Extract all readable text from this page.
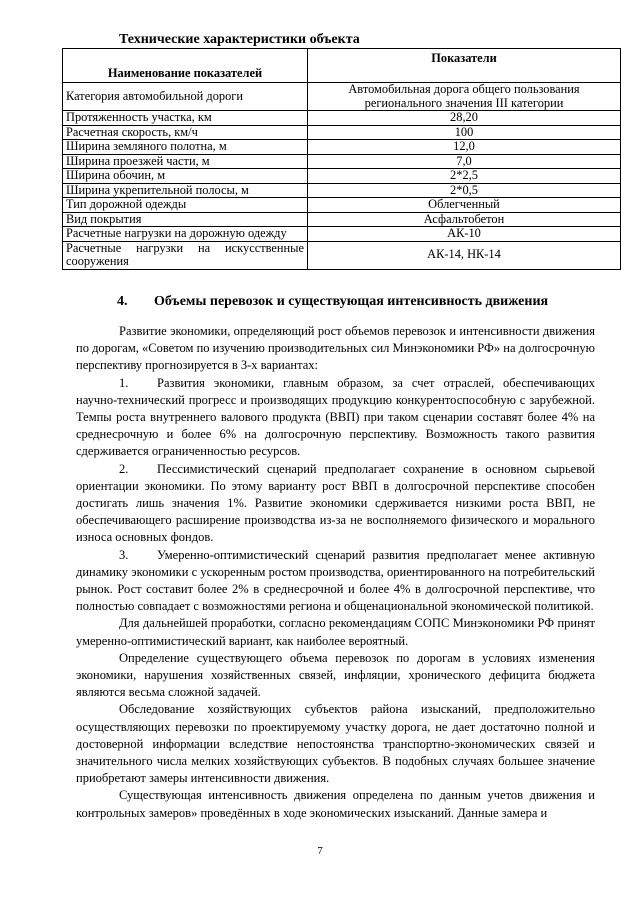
Технические характеристики объекта
Наименование показателей	Показатели
Категория автомобильной дороги	Автомобильная дорога общего пользования регионального значения III категории
Протяженность участка, км	28,20
Расчетная скорость, км/ч	100
Ширина земляного полотна, м	12,0
Ширина проезжей части, м	7,0
Ширина обочин, м	2*2,5
Ширина укрепительной полосы, м	2*0,5
Тип дорожной одежды	Облегченный
Вид покрытия	Асфальтобетон
Расчетные нагрузки на дорожную одежду	АК-10
Расчетные нагрузки на искусственные сооружения	АК-14, НК-14
4. Объемы перевозок и существующая интенсивность движения

Развитие экономики, определяющий рост объемов перевозок и интенсивности движения по дорогам, «Советом по изучению производительных сил Минэкономики РФ» на долгосрочную перспективу прогнозируется в 3-х вариантах:

1. Развития экономики, главным образом, за счет отраслей, обеспечивающих научно-технический прогресс и производящих продукцию конкурентоспособную с зарубежной. Темпы роста внутреннего валового продукта (ВВП) при таком сценарии составят более 4% на среднесрочную и более 6% на долгосрочную перспективу. Возможность такого развития сдерживается ограниченностью ресурсов.

2. Пессимистический сценарий предполагает сохранение в основном сырьевой ориентации экономики. По этому варианту рост ВВП в долгосрочной перспективе способен достигать лишь значения 1%. Развитие экономики сдерживается низкими роста ВВП, не обеспечивающего расширение производства из-за не восполняемого физического и морального износа основных фондов.

3. Умеренно-оптимистический сценарий развития предполагает менее активную динамику экономики с ускоренным ростом производства, ориентированного на потребительский рынок. Рост составит более 2% в среднесрочной и более 4% в долгосрочной перспективе, что полностью совпадает с возможностями региона и общенациональной экономической политикой.

Для дальнейшей проработки, согласно рекомендациям СОПС Минэкономики РФ принят умеренно-оптимистический вариант, как наиболее вероятный.

Определение существующего объема перевозок по дорогам в условиях изменения экономики, нарушения хозяйственных связей, инфляции, хронического дефицита бюджета являются весьма сложной задачей.

Обследование хозяйствующих субъектов района изысканий, предположительно осуществляющих перевозки по проектируемому участку дорога, не дает достаточно полной и достоверной информации вследствие непостоянства транспортно-экономических связей и значительного числа мелких хозяйствующих субъектов. В подобных случаях большее значение приобретают замеры интенсивности движения.

Существующая интенсивность движения определена по данным учетов движения и контрольных замеров» проведённых в ходе экономических изысканий. Данные замера и

7
